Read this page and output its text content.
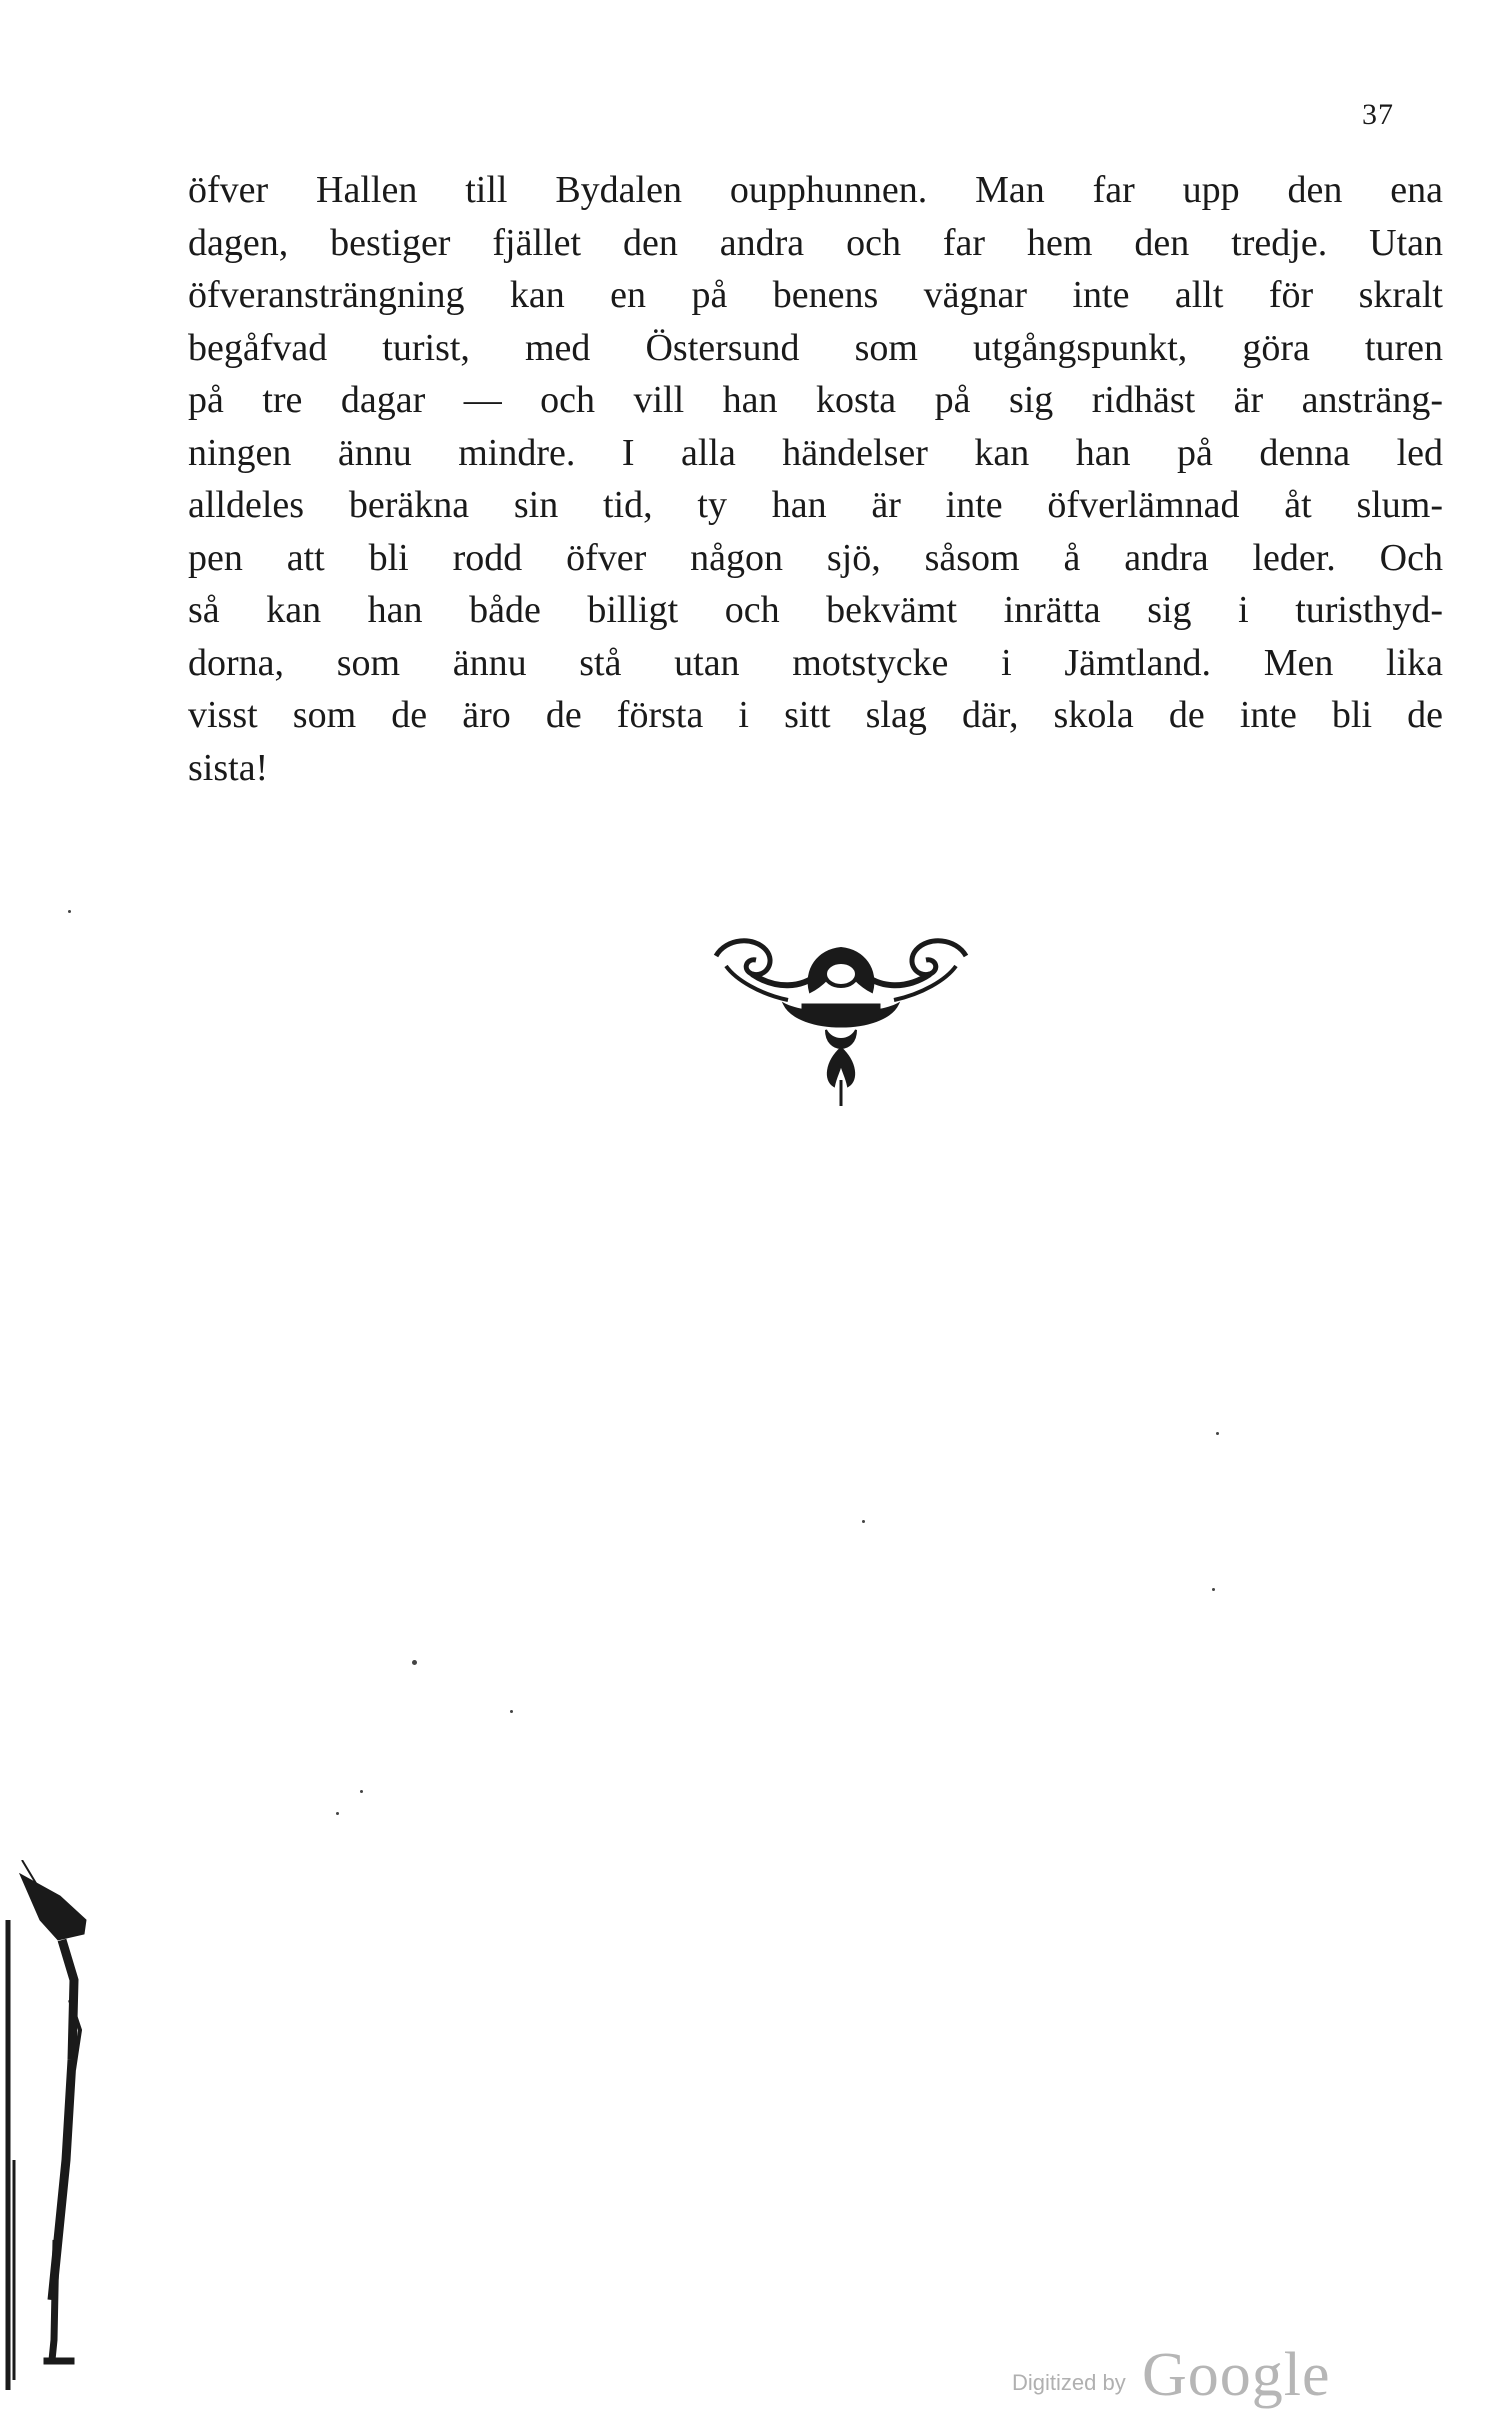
37
öfver Hallen till Bydalen oupphunnen. Man far upp den ena
dagen, bestiger fjället den andra och far hem den tredje. Utan
öfveransträngning kan en på benens vägnar inte allt för skralt
begåfvad turist, med Östersund som utgångspunkt, göra turen
på tre dagar — och vill han kosta på sig ridhäst är ansträng-
ningen ännu mindre. I alla händelser kan han på denna led
alldeles beräkna sin tid, ty han är inte öfverlämnad åt slum-
pen att bli rodd öfver någon sjö, såsom å andra leder. Och
så kan han både billigt och bekvämt inrätta sig i turisthyd-
dorna, som ännu stå utan motstycke i Jämtland. Men lika
visst som de äro de första i sitt slag där, skola de inte bli de
sista!
Digitized by Google
